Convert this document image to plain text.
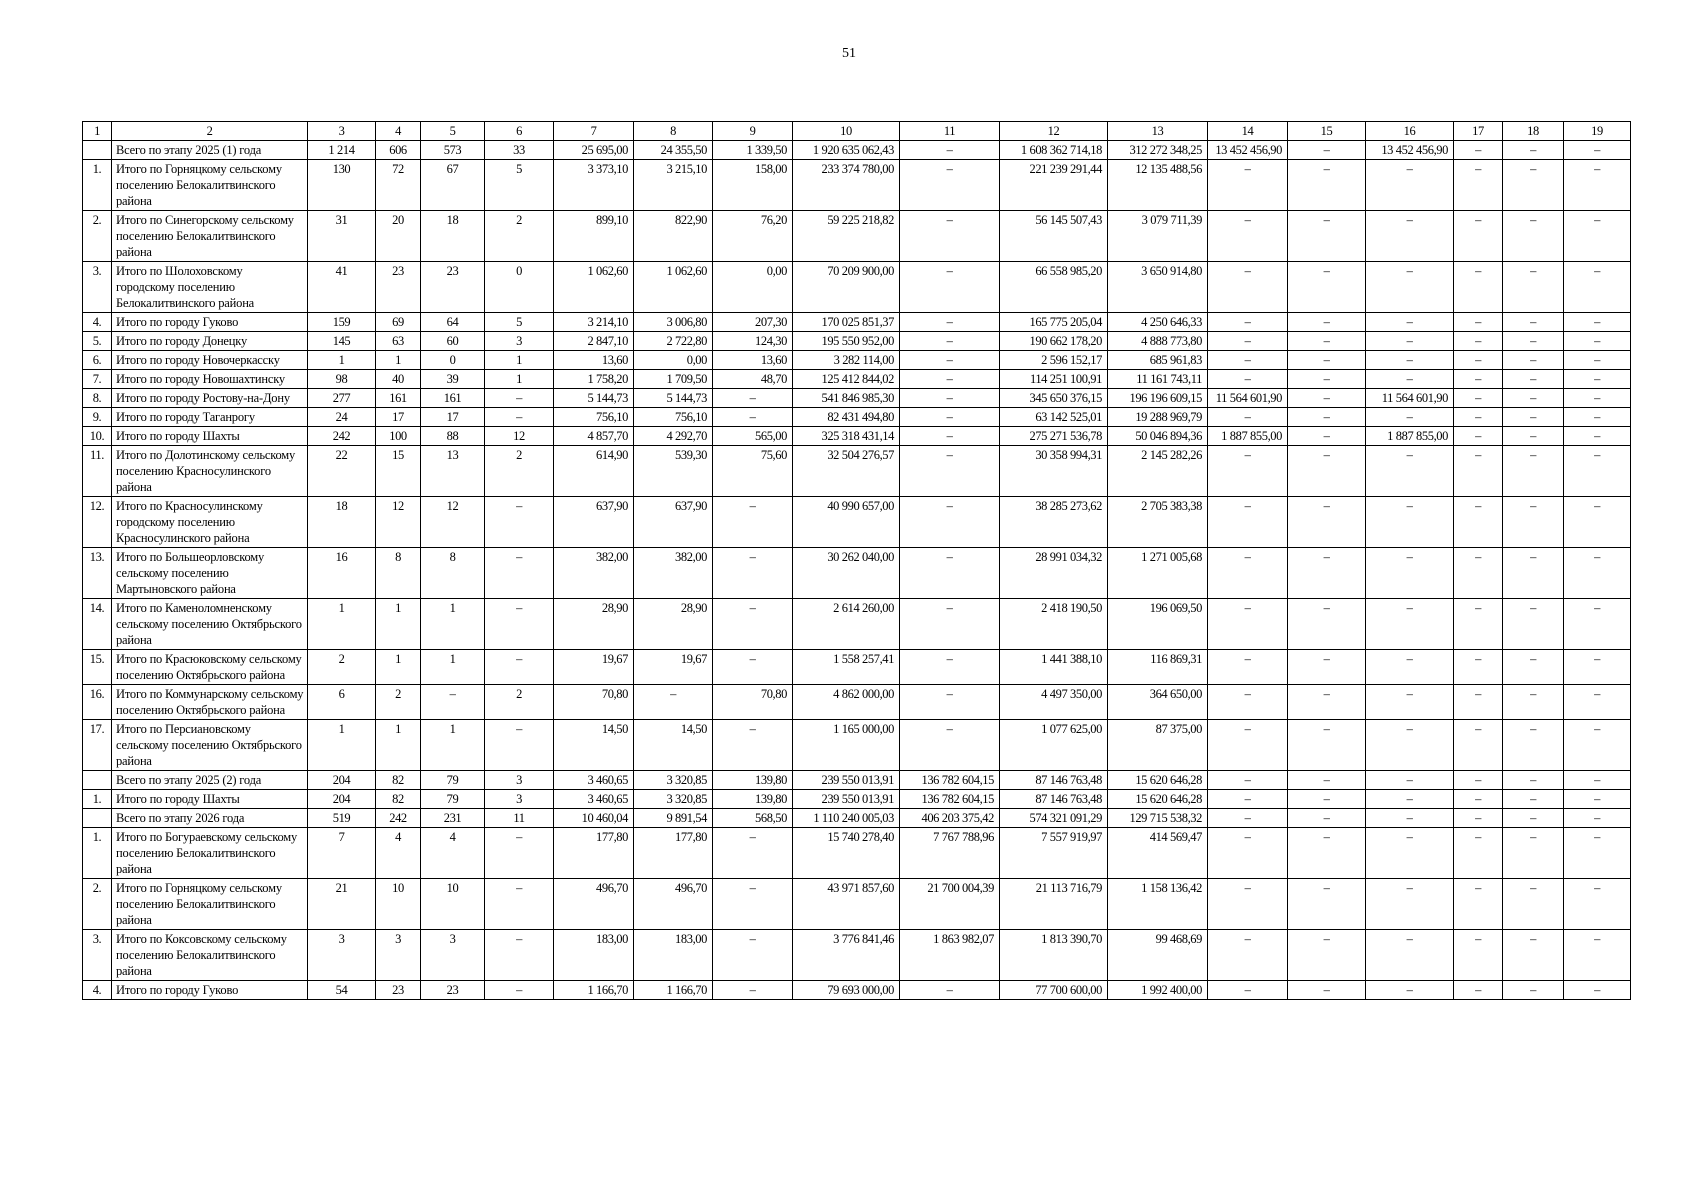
51
1	2	3	4	5	6	7	8	9	10	11	12	13	14	15	16	17	18	19
	Всего по этапу 2025 (1) года	1 214	606	573	33	25 695,00	24 355,50	1 339,50	1 920 635 062,43	–	1 608 362 714,18	312 272 348,25	13 452 456,90	–	13 452 456,90	–	–	–
1.	Итого по Горняцкому сельскому поселению Белокалитвинского района	130	72	67	5	3 373,10	3 215,10	158,00	233 374 780,00	–	221 239 291,44	12 135 488,56	–	–	–	–	–	–
2.	Итого по Синегорскому сельскому поселению Белокалитвинского района	31	20	18	2	899,10	822,90	76,20	59 225 218,82	–	56 145 507,43	3 079 711,39	–	–	–	–	–	–
3.	Итого по Шолоховскому городскому поселению Белокалитвинского района	41	23	23	0	1 062,60	1 062,60	0,00	70 209 900,00	–	66 558 985,20	3 650 914,80	–	–	–	–	–	–
4.	Итого по городу Гуково	159	69	64	5	3 214,10	3 006,80	207,30	170 025 851,37	–	165 775 205,04	4 250 646,33	–	–	–	–	–	–
5.	Итого по городу Донецку	145	63	60	3	2 847,10	2 722,80	124,30	195 550 952,00	–	190 662 178,20	4 888 773,80	–	–	–	–	–	–
6.	Итого по городу Новочеркасску	1	1	0	1	13,60	0,00	13,60	3 282 114,00	–	2 596 152,17	685 961,83	–	–	–	–	–	–
7.	Итого по городу Новошахтинску	98	40	39	1	1 758,20	1 709,50	48,70	125 412 844,02	–	114 251 100,91	11 161 743,11	–	–	–	–	–	–
8.	Итого по городу Ростову-на-Дону	277	161	161	–	5 144,73	5 144,73	–	541 846 985,30	–	345 650 376,15	196 196 609,15	11 564 601,90	–	11 564 601,90	–	–	–
9.	Итого по городу Таганрогу	24	17	17	–	756,10	756,10	–	82 431 494,80	–	63 142 525,01	19 288 969,79	–	–	–	–	–	–
10.	Итого по городу Шахты	242	100	88	12	4 857,70	4 292,70	565,00	325 318 431,14	–	275 271 536,78	50 046 894,36	1 887 855,00	–	1 887 855,00	–	–	–
11.	Итого по Долотинскому сельскому поселению Красносулинского района	22	15	13	2	614,90	539,30	75,60	32 504 276,57	–	30 358 994,31	2 145 282,26	–	–	–	–	–	–
12.	Итого по Красносулинскому городскому поселению Красносулинского района	18	12	12	–	637,90	637,90	–	40 990 657,00	–	38 285 273,62	2 705 383,38	–	–	–	–	–	–
13.	Итого по Большеорловскому сельскому поселению Мартыновского района	16	8	8	–	382,00	382,00	–	30 262 040,00	–	28 991 034,32	1 271 005,68	–	–	–	–	–	–
14.	Итого по Каменоломненскому сельскому поселению Октябрьского района	1	1	1	–	28,90	28,90	–	2 614 260,00	–	2 418 190,50	196 069,50	–	–	–	–	–	–
15.	Итого по Красюковскому сельскому поселению Октябрьского района	2	1	1	–	19,67	19,67	–	1 558 257,41	–	1 441 388,10	116 869,31	–	–	–	–	–	–
16.	Итого по Коммунарскому сельскому поселению Октябрьского района	6	2	–	2	70,80	–	70,80	4 862 000,00	–	4 497 350,00	364 650,00	–	–	–	–	–	–
17.	Итого по Персиановскому сельскому поселению Октябрьского района	1	1	1	–	14,50	14,50	–	1 165 000,00	–	1 077 625,00	87 375,00	–	–	–	–	–	–
	Всего по этапу 2025 (2) года	204	82	79	3	3 460,65	3 320,85	139,80	239 550 013,91	136 782 604,15	87 146 763,48	15 620 646,28	–	–	–	–	–	–
1.	Итого по городу Шахты	204	82	79	3	3 460,65	3 320,85	139,80	239 550 013,91	136 782 604,15	87 146 763,48	15 620 646,28	–	–	–	–	–	–
	Всего по этапу 2026 года	519	242	231	11	10 460,04	9 891,54	568,50	1 110 240 005,03	406 203 375,42	574 321 091,29	129 715 538,32	–	–	–	–	–	–
1.	Итого по Богураевскому сельскому поселению Белокалитвинского района	7	4	4	–	177,80	177,80	–	15 740 278,40	7 767 788,96	7 557 919,97	414 569,47	–	–	–	–	–	–
2.	Итого по Горняцкому сельскому поселению Белокалитвинского района	21	10	10	–	496,70	496,70	–	43 971 857,60	21 700 004,39	21 113 716,79	1 158 136,42	–	–	–	–	–	–
3.	Итого по Коксовскому сельскому поселению Белокалитвинского района	3	3	3	–	183,00	183,00	–	3 776 841,46	1 863 982,07	1 813 390,70	99 468,69	–	–	–	–	–	–
4.	Итого по городу Гуково	54	23	23	–	1 166,70	1 166,70	–	79 693 000,00	–	77 700 600,00	1 992 400,00	–	–	–	–	–	–
